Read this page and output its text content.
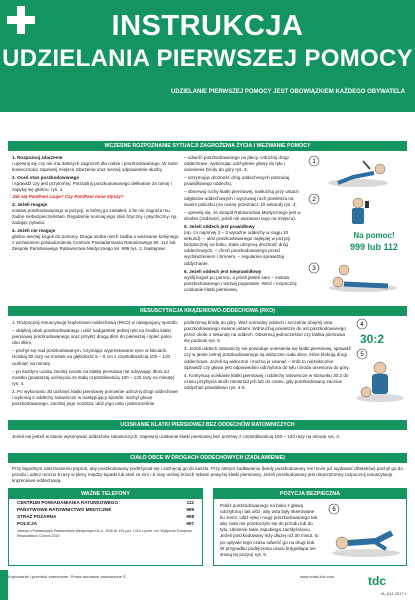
INSTRUKCJA
UDZIELANIA PIERWSZEJ POMOCY
UDZIELANIE PIERWSZEJ POMOCY JEST OBOWIĄZKIEM KAŻDEGO OBYWATELA
WCZESNE ROZPOZNANIE SYTUACJI ZAGROŻENIA ŻYCIA I WEZWANIE POMOCY

1. Rozpoznaj zdarzenie
i upewnij się czy nie ma dalszych zagrożeń dla ciebie i poszkodowanego. W razie konieczności zapewnij miejsce zdarzenia oraz wezwij odpowiednie służby.

2. Oceń stan poszkodowanego
i sprawdź czy jest przytomny. Potrząśnij poszkodowanego delikatnie za ramię i zapytaj się głośno: rys. 1
Jak się Pan/Pani czuje? Czy Pan/Pani mnie słyszy?

3. Jeżeli reaguje
zostaw poszkodowanego w pozycji, w której go zastałeś, o ile nie zagraża mu żadne niebezpieczeństwo. Regularnie oceniaj jego stan fizyczny i psychiczny, np. zadając pytania.

4. Jeżeli nie reaguje
głośno wezwij kogoś do pomocy. Druga osoba niech zadba o wezwanie kolejnego z wezwaniem powiadomienia Centrum Powiadamiania Ratunkowego tel. 112 lub Zespołu Państwowego Ratownictwa Medycznego tel. 999 rys. 2. Następnie:

– odwróć poszkodowanego na plecy. Udrożnij drogi oddechowe, wykonując odchylenie głowy do tyłu i uniesienie brody do góry rys. 3,

– utrzymując drożność dróg oddechowych poszukaj prawidłowego oddechu,

– obserwuj ruchy klatki piersiowej, nasłuchuj przy ustach odgłosów oddechowych i wyczuwaj ruch powietrza na swoim policzku (na ocenę przeznacz 10 sekund) rys. 3,

– upewnij się, że Zespół Ratownictwa Medycznego jest w drodze (zadzwoń, jeżeli nie wezwano tego na miejscu).

5. Jeżeli oddech jest prawidłowy
(np. co najmniej 2 – 3 wyraźne oddechy w ciągu 10 sekund): – ułóż poszkodowanego najlepiej w pozycji bezpiecznej na boku. Stale utrzymuj drożność dróg oddechowych, – chroń poszkodowanego przed wychłodzeniem i zimnem, – regularnie sprawdzaj oddychanie.

6. Jeżeli oddech jest nieprawidłowy
wyślij kogoś po pomoc, a jeżeli jesteś sam – zostaw poszkodowanego i wezwij pogotowie. Wróć i rozpocznij uciskanie klatki piersiowej.

1
2
Na pomoc!
999 lub 112
3
RESUSCYTACJA KRĄŻENIOWO-ODDECHOWA (RKO)

1. Rozpocznij resuscytację krążeniowo-oddechową (RKO) w następujący sposób:

– uklęknij obok poszkodowanego i ułóż nadgarstek jednej ręki na środku klatki piersiowej poszkodowanego oraz przyłóż drugą dłoń do pierwszej i spleć palce obu dłoni,

– pochyl się nad poszkodowanym, trzymając wyprostowane ręce w łokciach. Uciskaj 30 razy na mostek na głębokość 5 – 6 cm z częstotliwością 100 – 120 uciśnięć na minutę.

– po każdym ucisku zwolnij nacisk na klatkę piersiową nie odrywając dłoni od mostka (powtarzaj uciśnięcia ze stałą częstotliwością 100 – 120 razy na minutę) rys. 4.

2. Po wykonaniu 30 uciśnięć klatki piersiowej ponownie udrożnij drogi oddechowe i wykonaj 2 oddechy ratownicze w następujący sposób: odchyl głowę poszkodowanego, zaciśnij jego nozdrza, ułóż jego usta i jednocześnie

podtrzymuj brodę do góry. Weź normalny oddech i szczelnie obejmij usta poszkodowanego swoimi ustami. Wdmuchuj powietrze do ust poszkodowanego przez około 1 sekundę na oddech. Obserwuj jednocześnie czy klatka piersiowa się podnosi rys. 5.

3. Jeżeli oddech ratowniczy nie powoduje uniesienia się klatki piersiowej, sprawdź czy w jamie ustnej poszkodowanego są widoczne ciała obce, które blokują drogi oddechowe. Jeżeli są widoczne i można je usunąć – zrób to niezwłocznie. Sprawdź czy głowa jest odpowiednio odchylona do tyłu i broda uniesiona do góry.

4. Kontynuuj uciskanie klatki piersiowej i oddechy ratownicze w stosunku 30:2 do czasu przybycia służb ratowniczych lub do czasu, gdy poszkodowany zacznie oddychać prawidłowo rys. 4-5.

4
30:2
5
UCISKANIE KLATKI PIERSIOWEJ BEZ ODDECHÓW RATOWNICZYCH
Jeżeli nie jesteś w stanie wykonywać oddechów ratowniczych, zapewnij uciskanie klatki piersiowej bez przerwy z częstotliwością 100 – 120 razy na minutę rys. 4.
CIAŁO OBCE W DROGACH ODDECHOWYCH (ZADŁAWIENIE)
Przy łagodnym zakrztuszeniu poproś, aby poszkodowany podtrzymał się i zachęcaj go do kaszlu. Przy ostrym zadławieniu (kiedy poszkodowany nie może już wydawać dźwięków) pochyl go do przodu i uderz mocno 5 razy w plecy między łopatki lub stań za nim i 5 razy uciśnij brzuch rękami powyżej klatki piersiowej. Jeżeli poszkodowany jest nieprzytomny rozpocznij resuscytację krążeniowo-oddechową.
WAŻNE TELEFONY
CENTRUM POWIADAMIANIA RATUNKOWEGO	112
PAŃSTWOWE RATOWNICTWO MEDYCZNE	999
STRAŻ POŻARNA	998
POLICJA	997
Ustawa o Państwowym Ratownictwie Medycznym Dz.U. 2006 Nr 191 poz. 1410 z późn. zm. Wytyczne European Resuscitation Council 2015
POZYCJA BEZPIECZNA
Połóż poszkodowanego na boku z głową odchyloną i tak ułóż, aby usta były skierowane ku ziemi. Ułóż rękę i nogę poszkodowanego tak, aby ciało nie przetoczyło się do przodu lub do tyłu. Ułożenie takie zapobiega zachłyśnięciu. Jeżeli poszkodowany leży dłużej niż 30 minut, to po upływie tego czasu odwróć go na drugi bok. W przypadku podejrzenia urazu kręgosłupa nie stosuj tej pozycji rys. 6.
6
Kopiowanie i przedruk zabronione. Prawo autorskie zastrzeżone ©.	www.znaki-tdc.com	tdc
IA_A11 2017 r.
